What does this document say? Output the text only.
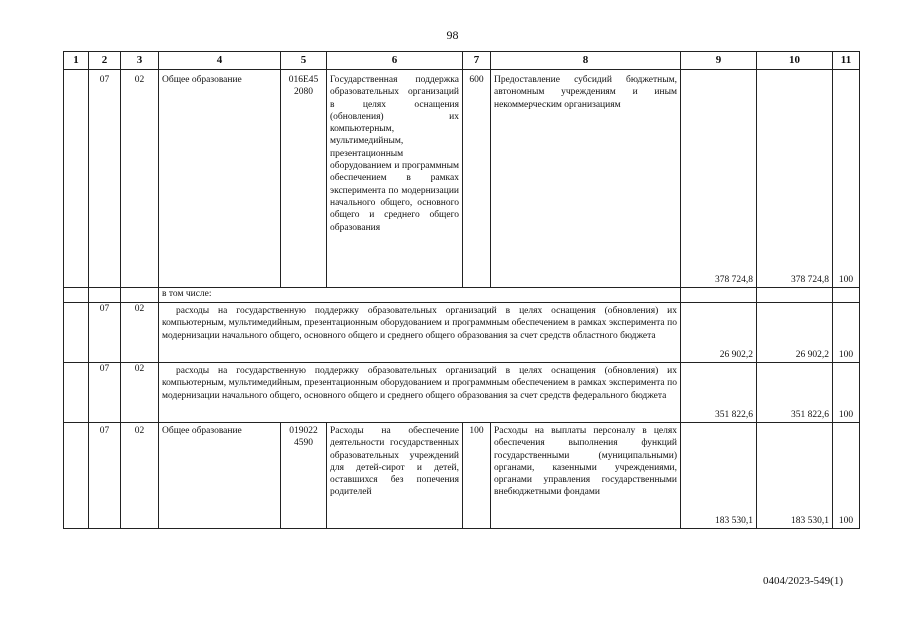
98
1	2	3	4	5	6	7	8	9	10	11
	07	02	Общее образование	016Е45 2080	Государственная поддержка образовательных организаций в целях оснащения (обновления) их компьютерным, мультимедийным, презентационным оборудованием и программным обеспечением в рамках эксперимента по модернизации начального общего, основного общего и среднего общего образования	600	Предоставление субсидий бюджетным, автономным учреждениям и иным некоммерческим организациям	378 724,8	378 724,8	100

			в том числе:							
	07	02	расходы на государственную поддержку образовательных организаций в целях оснащения (обновления) их компьютерным, мультимедийным, презентационным оборудованием и программным обеспечением в рамках эксперимента по модернизации начального общего, основного общего и среднего общего образования за счет средств областного бюджета					26 902,2	26 902,2	100

	07	02	расходы на государственную поддержку образовательных организаций в целях оснащения (обновления) их компьютерным, мультимедийным, презентационным оборудованием и программным обеспечением в рамках эксперимента по модернизации начального общего, основного общего и среднего общего образования за счет средств федерального бюджета					351 822,6	351 822,6	100

	07	02	Общее образование	019022 4590	Расходы на обеспечение деятельности государственных образовательных учреждений для детей-сирот и детей, оставшихся без попечения родителей	100	Расходы на выплаты персоналу в целях обеспечения выполнения функций государственными (муниципальными) органами, казенными учреждениями, органами управления государственными внебюджетными фондами	183 530,1	183 530,1	100
0404/2023-549(1)
